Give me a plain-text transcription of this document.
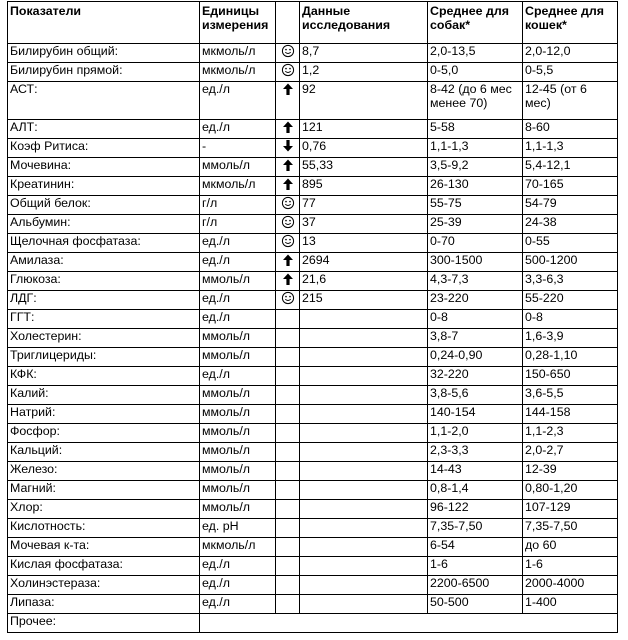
Показатели	Единицы измерения		Данные исследования	Среднее для собак*	Среднее для кошек*
Билирубин общий:	мкмоль/л		8,7	2,0-13,5	2,0-12,0
Билирубин прямой:	мкмоль/л		1,2	0-5,0	0-5,5
АСТ:	ед./л		92	8-42 (до 6 мес менее 70)	12-45 (от 6 мес)
АЛТ:	ед./л		121	5-58	8-60
Коэф Ритиса:	-		0,76	1,1-1,3	1,1-1,3
Мочевина:	ммоль/л		55,33	3,5-9,2	5,4-12,1
Креатинин:	мкмоль/л		895	26-130	70-165
Общий белок:	г/л		77	55-75	54-79
Альбумин:	г/л		37	25-39	24-38
Щелочная фосфатаза:	ед./л		13	0-70	0-55
Амилаза:	ед./л		2694	300-1500	500-1200
Глюкоза:	ммоль/л		21,6	4,3-7,3	3,3-6,3
ЛДГ:	ед./л		215	23-220	55-220
ГГТ:	ед./л			0-8	0-8
Холестерин:	ммоль/л			3,8-7	1,6-3,9
Триглицериды:	ммоль/л			0,24-0,90	0,28-1,10
КФК:	ед./л			32-220	150-650
Калий:	ммоль/л			3,8-5,6	3,6-5,5
Натрий:	ммоль/л			140-154	144-158
Фосфор:	ммоль/л			1,1-2,0	1,1-2,3
Кальций:	ммоль/л			2,3-3,3	2,0-2,7
Железо:	ммоль/л			14-43	12-39
Магний:	ммоль/л			0,8-1,4	0,80-1,20
Хлор:	ммоль/л			96-122	107-129
Кислотность:	ед. pH			7,35-7,50	7,35-7,50
Мочевая к-та:	мкмоль/л			6-54	до 60
Кислая фосфатаза:	ед./л			1-6	1-6
Холинэстераза:	ед./л			2200-6500	2000-4000
Липаза:	ед./л			50-500	1-400
Прочее:					
